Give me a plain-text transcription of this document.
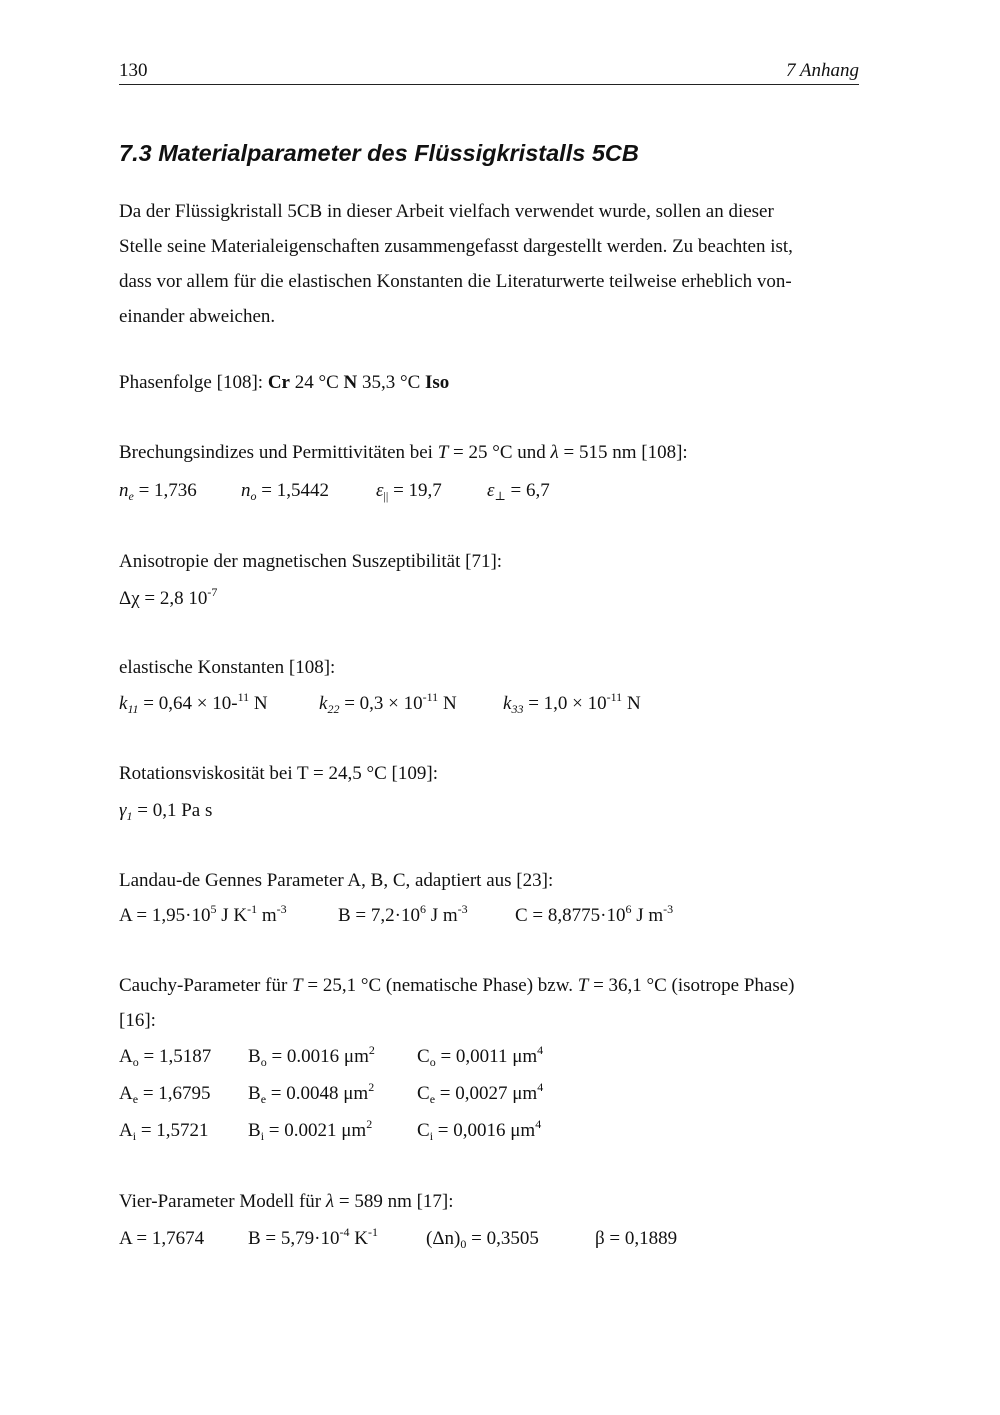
130	7 Anhang
7.3 Materialparameter des Flüssigkristalls 5CB

Da der Flüssigkristall 5CB in dieser Arbeit vielfach verwendet wurde, sollen an dieser
Stelle seine Materialeigenschaften zusammengefasst dargestellt werden. Zu beachten ist,
dass vor allem für die elastischen Konstanten die Literaturwerte teilweise erheblich von-
einander abweichen.

Phasenfolge [108]: Cr 24 °C N 35,3 °C Iso
Brechungsindizes und Permittivitäten bei T = 25 °C und λ = 515 nm [108]:
$n_e = 1,736$ $n_o = 1,5442$ $\varepsilon_{||} = 19,7$ $\varepsilon_\perp = 6,7$
Anisotropie der magnetischen Suszeptibilität [71]:
Δχ = 2,8 $10^{-7}$
elastische Konstanten [108]:
$k_{11} = 0,64 \times 10-^{11}$ N	$k_{22} = 0,3 \times 10^{-11}$ N $k_{33} = 1,0 \times 10^{-11}$ N
Rotationsviskosität bei T = 24,5 °C [109]:
$\gamma_1 = 0,1$ Pa s
Landau-de Gennes Parameter A, B, C, adaptiert aus [23]:
$A = 1,95\cdot 10^5$ J $K^{-1}$ $m^{-3}$	$B = 7,2\cdot 10^6$ J $m^{-3}$ $C = 8,8775\cdot 10^6$ J $m^{-3}$
Cauchy-Parameter für T = 25,1 °C (nematische Phase) bzw. T = 36,1 °C (isotrope Phase)
[16]:
$A_o = 1,5187$ $B_o = 0.0016$ $\mu m^2$ $C_o = 0,0011$ $\mu m^4$
$A_e = 1,6795$ $B_e = 0.0048$ $\mu m^2$ $C_e = 0,0027$ $\mu m^4$
$A_i = 1,5721$ $B_i = 0.0021$ $\mu m^2$ $C_i = 0,0016$ $\mu m^4$
Vier-Parameter Modell für λ = 589 nm [17]:
A = 1,7674 $B = 5,79\cdot 10^{-4}$ $K^{-1}$	$(\Delta n)_0 = 0,3505$	β = 0,1889
